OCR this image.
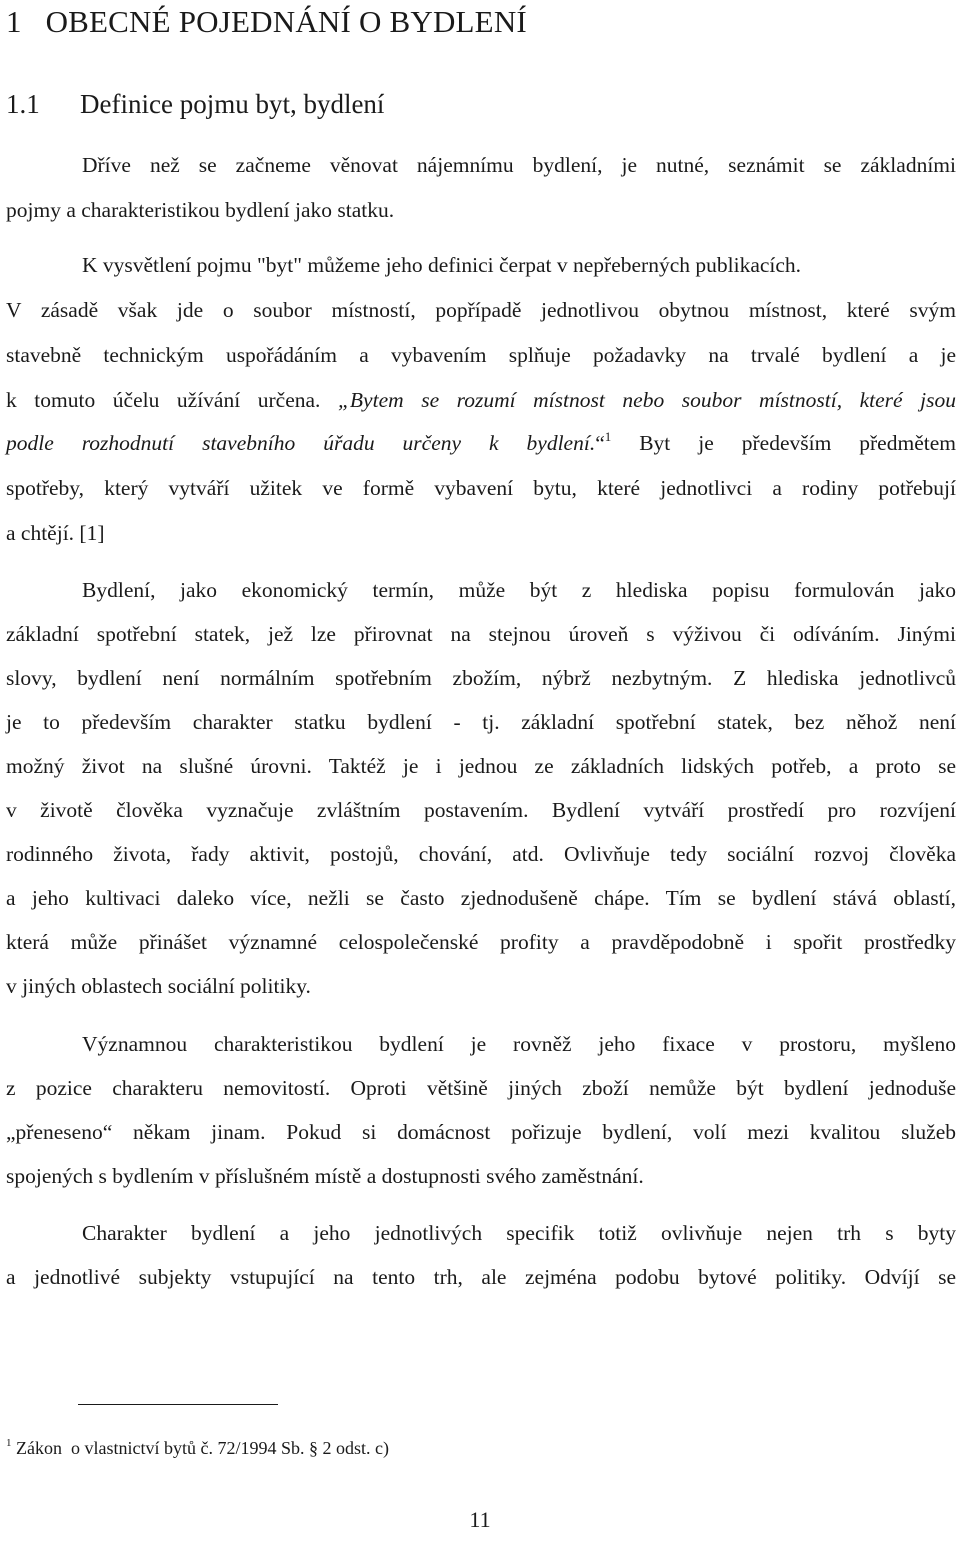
1 OBECNÉ POJEDNÁNÍ O BYDLENÍ
1.1 Definice pojmu byt, bydlení
Dříve než se začneme věnovat nájemnímu bydlení, je nutné, seznámit se základními
pojmy a charakteristikou bydlení jako statku.
K vysvětlení pojmu "byt" můžeme jeho definici čerpat v nepřeberných publikacích.
V zásadě však jde o soubor místností, popřípadě jednotlivou obytnou místnost, které svým
stavebně technickým uspořádáním a vybavením splňuje požadavky na trvalé bydlení a je
k tomuto účelu užívání určena. „Bytem se rozumí místnost nebo soubor místností, které jsou
podle rozhodnutí stavebního úřadu určeny k bydlení.“$^1$ Byt je především předmětem
spotřeby, který vytváří užitek ve formě vybavení bytu, které jednotlivci a rodiny potřebují
a chtějí. [1]
Bydlení, jako ekonomický termín, může být z hlediska popisu formulován jako
základní spotřební statek, jež lze přirovnat na stejnou úroveň s výživou či odíváním. Jinými
slovy, bydlení není normálním spotřebním zbožím, nýbrž nezbytným. Z hlediska jednotlivců
je to především charakter statku bydlení - tj. základní spotřební statek, bez něhož není
možný život na slušné úrovni. Taktéž je i jednou ze základních lidských potřeb, a proto se
v životě člověka vyznačuje zvláštním postavením. Bydlení vytváří prostředí pro rozvíjení
rodinného života, řady aktivit, postojů, chování, atd. Ovlivňuje tedy sociální rozvoj člověka
a jeho kultivaci daleko více, nežli se často zjednodušeně chápe. Tím se bydlení stává oblastí,
která může přinášet významné celospolečenské profity a pravděpodobně i spořit prostředky
v jiných oblastech sociální politiky.
Významnou charakteristikou bydlení je rovněž jeho fixace v prostoru, myšleno
z pozice charakteru nemovitostí. Oproti většině jiných zboží nemůže být bydlení jednoduše
„přeneseno“ někam jinam. Pokud si domácnost pořizuje bydlení, volí mezi kvalitou služeb
spojených s bydlením v příslušném místě a dostupnosti svého zaměstnání.
Charakter bydlení a jeho jednotlivých specifik totiž ovlivňuje nejen trh s byty
a jednotlivé subjekty vstupující na tento trh, ale zejména podobu bytové politiky. Odvíjí se
$^1$ Zákon  o vlastnictví bytů č. 72/1994 Sb. § 2 odst. c)
11
